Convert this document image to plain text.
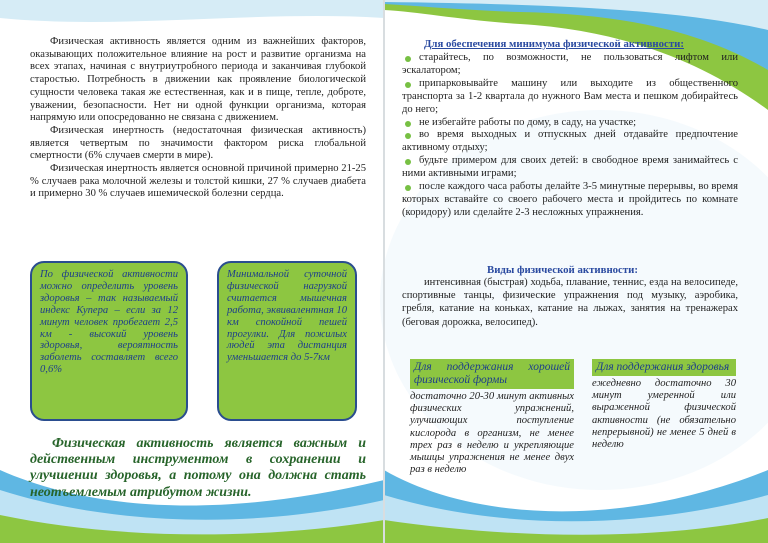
Физическая активность является одним из важнейших факторов, оказывающих положительное влияние на рост и развитие организма на всех этапах, начиная с внутриутробного периода и заканчивая глубокой старостью. Потребность в движении как проявление биологической сущности человека такая же естественная, как и в пище, тепле, доброте, уважении, безопасности. Нет ни одной функции организма, которая напрямую или опосредованно не связана с движением.

Физическая инертность (недостаточная физическая активность) является четвертым по значимости фактором риска глобальной смертности (6% случаев смерти в мире).

Физическая инертность является основной причиной примерно 21-25 % случаев рака молочной железы и толстой кишки, 27 % случаев диабета и примерно 30 % случаев ишемической болезни сердца.

По физической активности можно определить уровень здоровья – так называемый индекс Купера – если за 12 минут человек пробегает 2,5 км - высокий уровень здоровья, вероятность заболеть составляет всего 0,6%
Минимальной суточной физической нагрузкой считается мышечная работа, эквивалентная 10 км спокойной пешей прогулки. Для пожилых людей эта дистанция уменьшается до 5-7км

Физическая активность является важным и действенным инструментом в сохранении и улучшении здоровья, а потому она должна стать неотъемлемым атрибутом жизни.

Для обеспечения минимума физической активности:
старайтесь, по возможности, не пользоваться лифтом или эскалатором;
припарковывайте машину или выходите из общественного транспорта за 1-2 квартала до нужного Вам места и пешком добирайтесь до него;
не избегайте работы по дому, в саду, на участке;
во время выходных и отпускных дней отдавайте предпочтение активному отдыху;
будьте примером для своих детей: в свободное время занимайтесь с ними активными играми;
после каждого часа работы делайте 3-5 минутные перерывы, во время которых вставайте со своего рабочего места и пройдитесь по комнате (коридору) или сделайте 2-3 несложных упражнения.
Виды физической активности:
интенсивная (быстрая) ходьба, плавание, теннис, езда на велосипеде, спортивные танцы, физические упражнения под музыку, аэробика, гребля, катание на коньках, катание на лыжах, занятия на тренажерах (беговая дорожка, велосипед).
Для поддержания хорошей физической формы
достаточно 20-30 минут активных физических упражнений, улучшающих поступление кислорода в организм, не менее трех раз в неделю и укрепляющие мышцы упражнения не менее двух раз в неделю
Для поддержания здоровья
ежедневно достаточно 30 минут умеренной или выраженной физической активности (не обязательно непрерывной) не менее 5 дней в неделю
